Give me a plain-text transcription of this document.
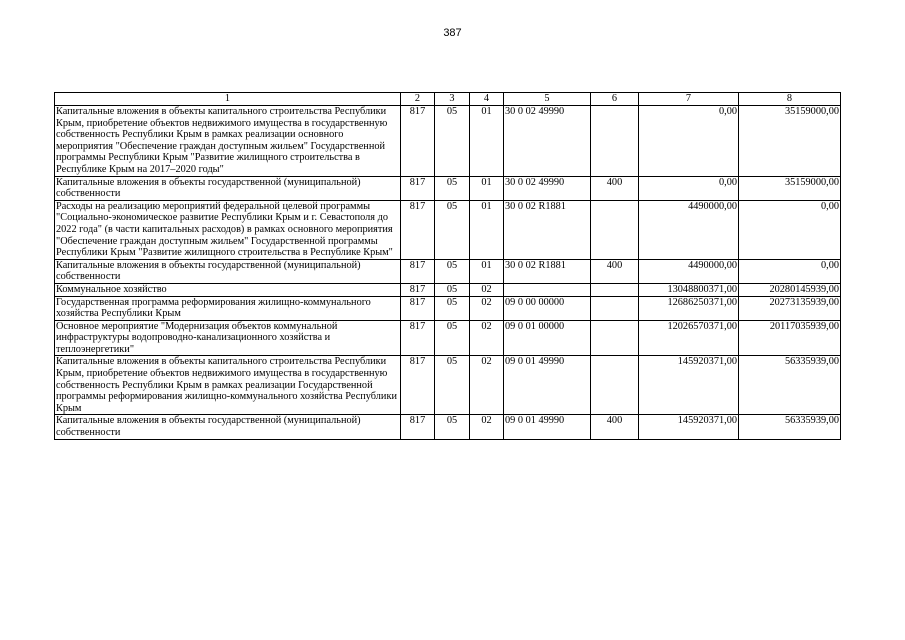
387
1	2	3	4	5	6	7	8
Капитальные вложения в объекты капитального строительства Республики Крым, приобретение объектов недвижимого имущества в государственную собственность Республики Крым в рамках реализации основного мероприятия "Обеспечение граждан доступным жильем" Государственной программы Республики Крым "Развитие жилищного строительства в Республике Крым на 2017–2020 годы"	817	05	01	30 0 02 49990		0,00	35159000,00
Капитальные вложения в объекты государственной (муниципальной) собственности	817	05	01	30 0 02 49990	400	0,00	35159000,00
Расходы на реализацию мероприятий федеральной целевой программы "Социально-экономическое развитие Республики Крым и г. Севастополя до 2022 года" (в части капитальных расходов) в рамках основного мероприятия "Обеспечение граждан доступным жильем" Государственной программы Республики Крым "Развитие жилищного строительства в Республике Крым"	817	05	01	30 0 02 R1881		4490000,00	0,00
Капитальные вложения в объекты государственной (муниципальной) собственности	817	05	01	30 0 02 R1881	400	4490000,00	0,00
Коммунальное хозяйство	817	05	02			13048800371,00	20280145939,00
Государственная программа реформирования жилищно-коммунального хозяйства Республики Крым	817	05	02	09 0 00 00000		12686250371,00	20273135939,00
Основное мероприятие "Модернизация объектов коммунальной инфраструктуры водопроводно-канализационного хозяйства и теплоэнергетики"	817	05	02	09 0 01 00000		12026570371,00	20117035939,00
Капитальные вложения в объекты капитального строительства Республики Крым, приобретение объектов недвижимого имущества в государственную собственность Республики Крым в рамках реализации Государственной программы реформирования жилищно-коммунального хозяйства Республики Крым	817	05	02	09 0 01 49990		145920371,00	56335939,00
Капитальные вложения в объекты государственной (муниципальной) собственности	817	05	02	09 0 01 49990	400	145920371,00	56335939,00
